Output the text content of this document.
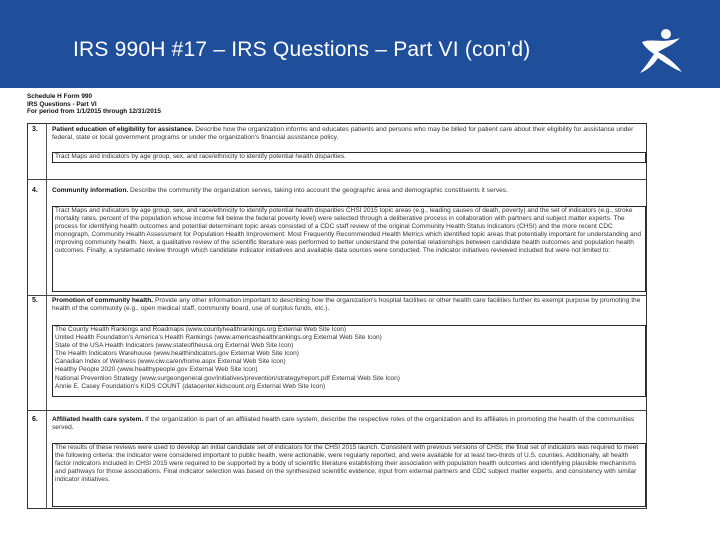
IRS 990H #17 – IRS Questions – Part VI (con’d)
Schedule H Form 990
IRS Questions - Part VI
For period from 1/1/2015 through 12/31/2015
3. Patient education of eligibility for assistance. Describe how the organization informs and educates patients and persons who may be billed for patient care about their eligibility for assistance under federal, state or local government programs or under the organization's financial assistance policy.
Tract Maps and indicators by age group, sex, and race/ethnicity to identify potential health disparities.
4. Community information. Describe the community the organization serves, taking into account the geographic area and demographic constituents it serves.
Tract Maps and indicators by age group, sex, and race/ethnicity to identify potential health disparities CHSI 2015 topic areas (e.g., leading causes of death, poverty) and the set of indicators (e.g., stroke mortality rates, percent of the population whose income fell below the federal poverty level) were selected through a deliberative process in collaboration with partners and subject matter experts. The process for identifying health outcomes and potential determinant topic areas consisted of a CDC staff review of the original Community Health Status Indicators (CHSI) and the more recent CDC monograph, Community Health Assessment for Population Health Improvement: Most Frequently Recommended Health Metrics which identified topic areas that potentially important for understanding and improving community health. Next, a qualitative review of the scientific literature was performed to better understand the potential relationships between candidate health outcomes and population health outcomes. Finally, a systematic review through which candidate indicator initiatives and available data sources were conducted. The indicator initiatives reviewed included but were not limited to:
5. Promotion of community health. Provide any other information important to describing how the organization's hospital facilities or other health care facilities further its exempt purpose by promoting the health of the community (e.g., open medical staff, community board, use of surplus funds, etc.).
The County Health Rankings and Roadmaps (www.countyhealthrankings.org External Web Site Icon)
United Health Foundation's America's Health Rankings (www.americashealthrankings.org External Web Site Icon)
State of the USA Health Indicators (www.stateoftheusa.org External Web Site Icon)
The Health Indicators Warehouse (www.healthindicators.gov External Web Site Icon)
Canadian Index of Wellness (www.ciw.ca/en/home.aspx External Web Site Icon)
Healthy People 2020 (www.healthypeople.gov External Web Site Icon)
National Prevention Strategy (www.surgeongeneral.gov/initiatives/prevention/strategy/report.pdf External Web Site Icon)
Annie E. Casey Foundation's KIDS COUNT (datacenter.kidscount.org External Web Site Icon)
6. Affiliated health care system. If the organization is part of an affiliated health care system, describe the respective roles of the organization and its affiliates in promoting the health of the communities served.
The results of these reviews were used to develop an initial candidate set of indicators for the CHSI 2015 launch. Consistent with previous versions of CHSI, the final set of indicators was required to meet the following criteria: the indicator were considered important to public health, were actionable, were regularly reported, and were available for at least two-thirds of U.S. counties. Additionally, all health factor indicators included in CHSI 2015 were required to be supported by a body of scientific literature establishing their association with population health outcomes and identifying plausible mechanisms and pathways for those associations. Final indicator selection was based on the synthesized scientific evidence; input from external partners and CDC subject matter experts, and consistency with similar indicator initiatives.
